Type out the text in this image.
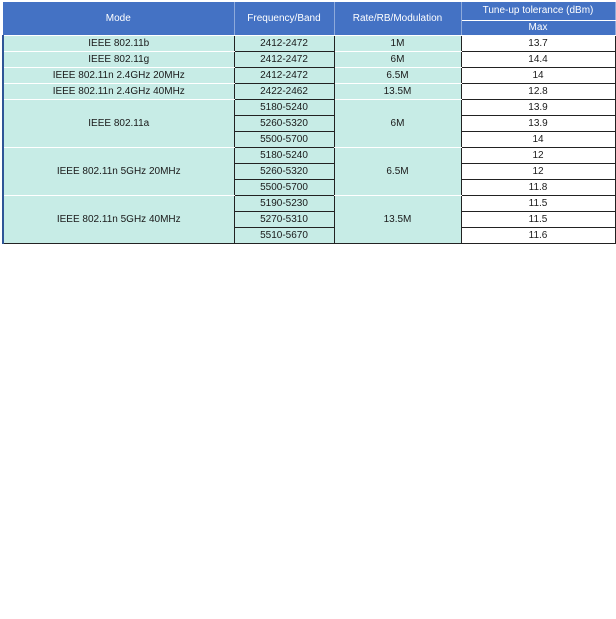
Mode	Frequency/Band	Rate/RB/Modulation	Tune-up tolerance (dBm)
			Max
IEEE 802.11b	2412-2472	1M	13.7
IEEE 802.11g	2412-2472	6M	14.4
IEEE 802.11n 2.4GHz 20MHz	2412-2472	6.5M	14
IEEE 802.11n 2.4GHz 40MHz	2422-2462	13.5M	12.8
IEEE 802.11a	5180-5240	6M	13.9
	5260-5320		13.9
	5500-5700		14
IEEE 802.11n 5GHz 20MHz	5180-5240	6.5M	12
	5260-5320		12
	5500-5700		11.8
IEEE 802.11n 5GHz 40MHz	5190-5230	13.5M	11.5
	5270-5310		11.5
	5510-5670		11.6
